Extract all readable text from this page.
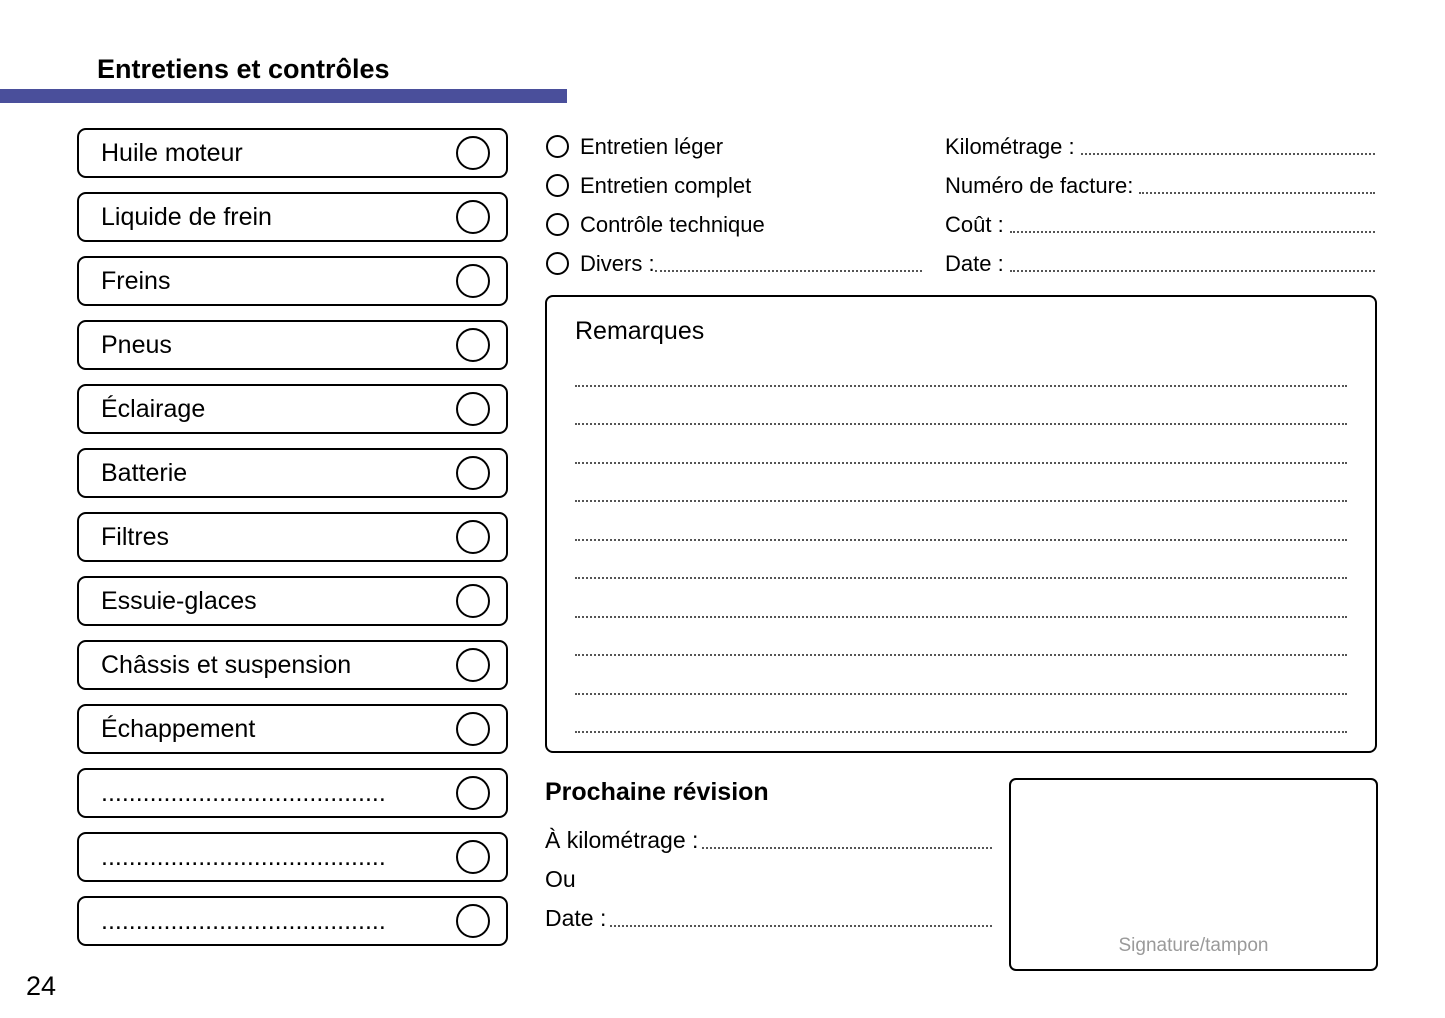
Entretiens et contrôles
Huile moteur
Liquide de frein
Freins
Pneus
Éclairage
Batterie
Filtres
Essuie-glaces
Châssis et suspension
Échappement
.........................................
.........................................
.........................................
Entretien léger
Entretien complet
Contrôle technique
Divers :
Kilométrage :
Numéro de facture:
Coût :
Date :
Remarques
Prochaine révision
À kilométrage :
Ou
Date :
Signature/tampon
24
